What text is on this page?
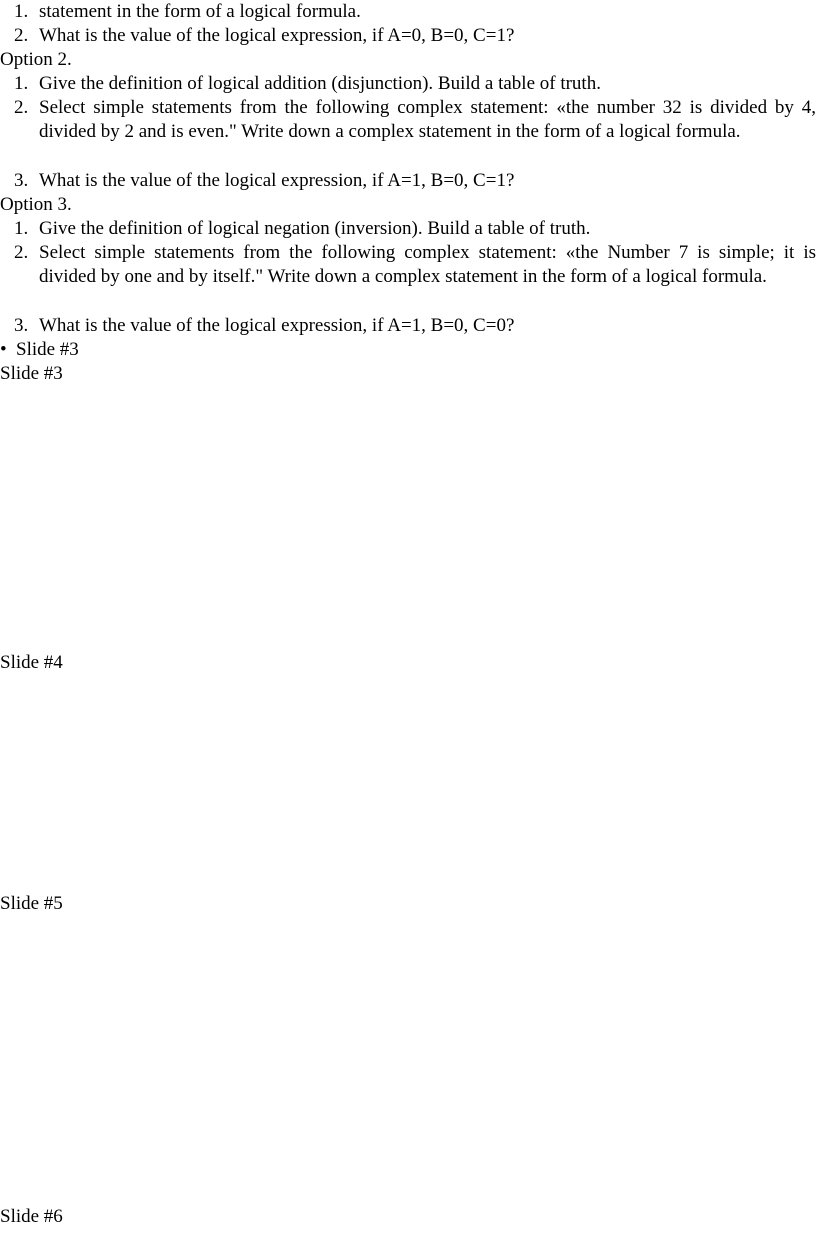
1. statement in the form of a logical formula.
2. What is the value of the logical expression, if A=0, B=0, C=1?
Option 2.
1. Give the definition of logical addition (disjunction). Build a table of truth.
2. Select simple statements from the following complex statement: «the number 32 is divided by 4, divided by 2 and is even." Write down a complex statement in the form of a logical formula.
3. What is the value of the logical expression, if A=1, B=0, C=1?
Option 3.
1. Give the definition of logical negation (inversion). Build a table of truth.
2. Select simple statements from the following complex statement: «the Number 7 is simple; it is divided by one and by itself." Write down a complex statement in the form of a logical formula.
3. What is the value of the logical expression, if A=1, B=0, C=0?
• Slide #3
Slide #3
Slide #4
Slide #5
Slide #6
